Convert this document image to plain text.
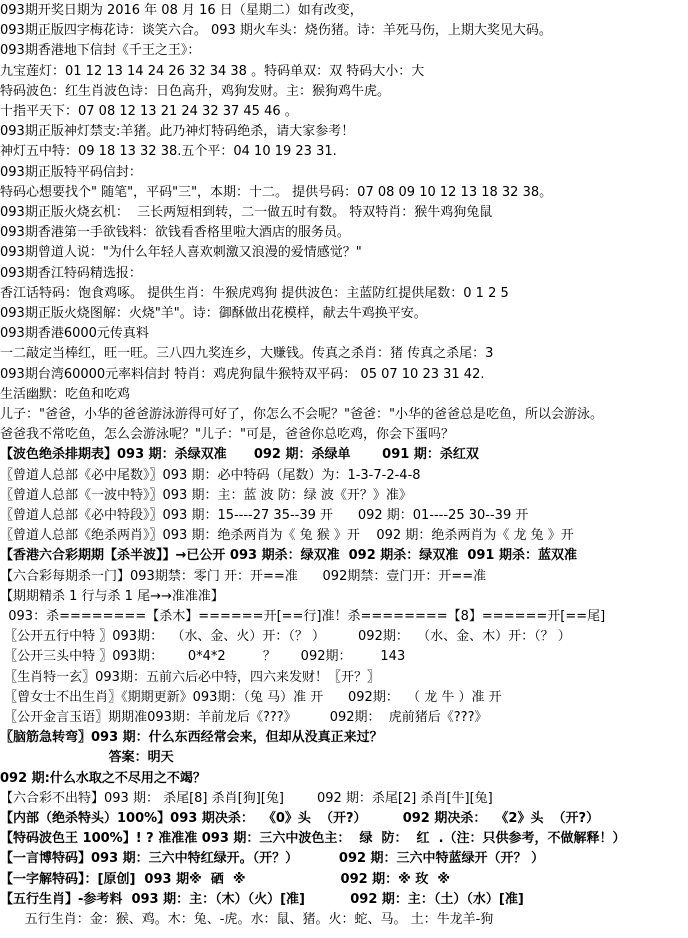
093期开奖日期为 2016 年 08 月 16 日（星期二）如有改变，
093期正版四字梅花诗：谈笑六合。 093 期火车头：烧伤猪。诗：羊死马伤，上期大奖见大码。
093期香港地下信封《千王之王》：
九宝莲灯：01 12 13 14 24 26 32 34 38 。特码单双：双 特码大小：大
特码波色：红生肖波色诗：日色高升，鸡狗发财。主：猴狗鸡牛虎。
十指平天下：07 08 12 13 21 24 32 37 45 46 。
093期正版神灯禁支:羊猪。此乃神灯特码绝杀，请大家参考！
神灯五中特：09 18 13 32 38.五个平：04 10 19 23 31.
093期正版特平码信封：
特码心想要找个" 随笔"，平码"三"，本期：十二。 提供号码：07 08 09 10 12 13 18 32 38。
093期正版火烧玄机：  三长两短相到转，二一做五时有数。 特双特肖：猴牛鸡狗兔鼠
093期香港第一手欲钱料：欲钱看香格里啦大酒店的服务员。
093期曾道人说："为什么年轻人喜欢刺激又浪漫的爱情感觉？"
093期香江特码精选报：
香江话特码：饱食鸡啄。 提供生肖：牛猴虎鸡狗 提供波色：主蓝防红提供尾数：0 1 2 5
093期正版火烧图解：火烧"羊"。诗：御酥做出花模样，献去牛鸡换平安。
093期香港6000元传真料
一二敲定当棒红，旺一旺。三八四九奖连乡，大赚钱。传真之杀肖：猪 传真之杀尾：3
093期台湾60000元率料信封 特肖：鸡虎狗鼠牛猴特双平码： 05 07 10 23 31 42.
生活幽默：吃鱼和吃鸡
儿子："爸爸，小华的爸爸游泳游得可好了，你怎么不会呢？"爸爸："小华的爸爸总是吃鱼，所以会游泳。
爸爸我不常吃鱼，怎么会游泳呢？"儿子："可是，爸爸你总吃鸡，你会下蛋吗？
【波色绝杀排期表】093 期：杀绿双准      092 期：杀绿单       091 期：杀红双
〖曾道人总部《必中尾数》〗093 期：必中特码（尾数）为：1-3-7-2-4-8
〖曾道人总部《一波中特》〗093 期：主：蓝 波 防：绿 波《开？》准》
〖曾道人总部《必中特段》〗093 期：15----27 35--39 开      092 期：01----25 30--39 开
〖曾道人总部《绝杀两肖》〗093 期：绝杀两肖为《 兔 猴 》开    092 期：绝杀两肖为《 龙 兔 》开
【香港六合彩期期【杀半波】】→已公开 093 期杀：绿双准  092 期杀：绿双准  091 期杀：蓝双准
【六合彩每期杀一门】093期禁：零门 开：开==准      092期禁：壹门开：开==准
【期期精杀 1 行与杀 1 尾→→准准准】
093：杀========【杀木】======开[==行]准！杀========【8】======开[==尾]
〖公开五行中特 〗093期：  （水、金、火）开：（？ ）        092期：  （水、金、木）开：（？ ）
〖公开三头中特 〗093期：      0*4*2         ？      092期：       143
〖生肖特一玄〗093期：五前六后必中特，四六来发财！〖开？〗
〖曾女士不出生肖〗《期期更新》093期：（兔 马）准 开      092期：  （ 龙 牛 ）准 开
〖公开金言玉语〗期期准093期：羊前龙后《???》        092期：  虎前猪后《???》
〖脑筋急转弯〗093 期：什么东西经常会来，但却从没真正来过？
答案：明天
092 期:什么水取之不尽用之不竭？
【六合彩不出特】093 期： 杀尾[8] 杀肖[狗][兔]        092 期：杀尾[2] 杀肖[牛][兔]
【内部（绝杀特头）100%】093 期决杀：  《0》头  （开?）        092 期决杀：  《2》头  （开?）
【特码波色王 100%】! ? 准准准 093 期：三六中波色主：  绿  防：  红  .（注：只供参考，不做解释！）
【一言博特码】093 期：三六中特红绿开。（开？）         092 期：三六中特蓝绿开（开？ ）
【一字解特码】：[原创]  093 期※  硒  ※                     092 期：※ 玫  ※
【五行生肖】-参考料  093 期：主：（木）（火）[准]          092 期：主：（土）（水）[准]
五行生肖：金：猴、鸡。木：兔、-虎。水：鼠、猪。火：蛇、马。 土：牛龙羊-狗
